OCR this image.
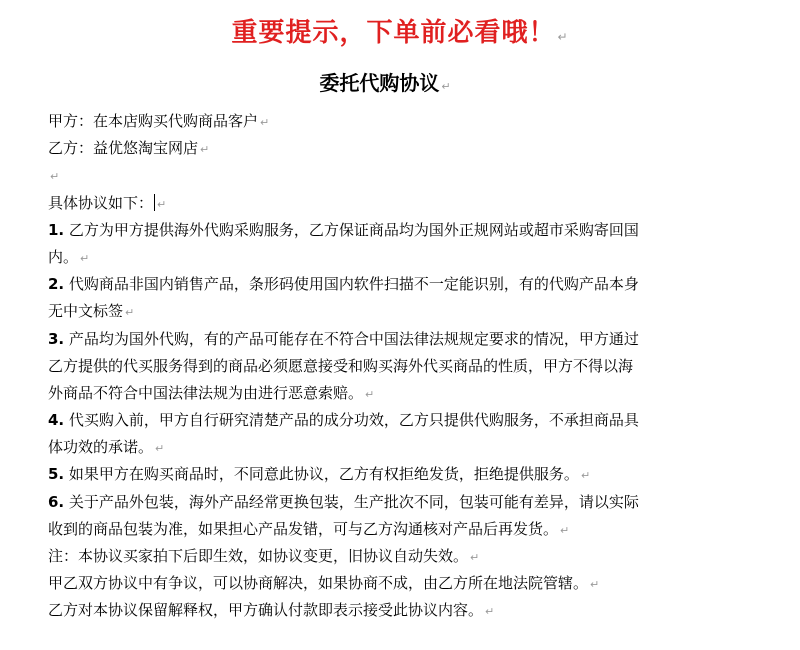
重要提示，下单前必看哦！ ↵
委托代购协议 ↵
甲方：在本店购买代购商品客户 ↵
乙方：益优悠淘宝网店 ↵
↵
具体协议如下： ↵
1. 乙方为甲方提供海外代购采购服务，乙方保证商品均为国外正规网站或超市采购寄回国
内。 ↵
2. 代购商品非国内销售产品，条形码使用国内软件扫描不一定能识别，有的代购产品本身
无中文标签 ↵
3. 产品均为国外代购，有的产品可能存在不符合中国法律法规规定要求的情况，甲方通过
乙方提供的代买服务得到的商品必须愿意接受和购买海外代买商品的性质，甲方不得以海
外商品不符合中国法律法规为由进行恶意索赔。 ↵
4. 代买购入前，甲方自行研究清楚产品的成分功效，乙方只提供代购服务，不承担商品具
体功效的承诺。 ↵
5. 如果甲方在购买商品时，不同意此协议，乙方有权拒绝发货，拒绝提供服务。 ↵
6. 关于产品外包装，海外产品经常更换包装，生产批次不同，包装可能有差异，请以实际
收到的商品包装为准，如果担心产品发错，可与乙方沟通核对产品后再发货。 ↵
注：本协议买家拍下后即生效，如协议变更，旧协议自动失效。 ↵
甲乙双方协议中有争议，可以协商解决，如果协商不成，由乙方所在地法院管辖。 ↵
乙方对本协议保留解释权，甲方确认付款即表示接受此协议内容。 ↵
